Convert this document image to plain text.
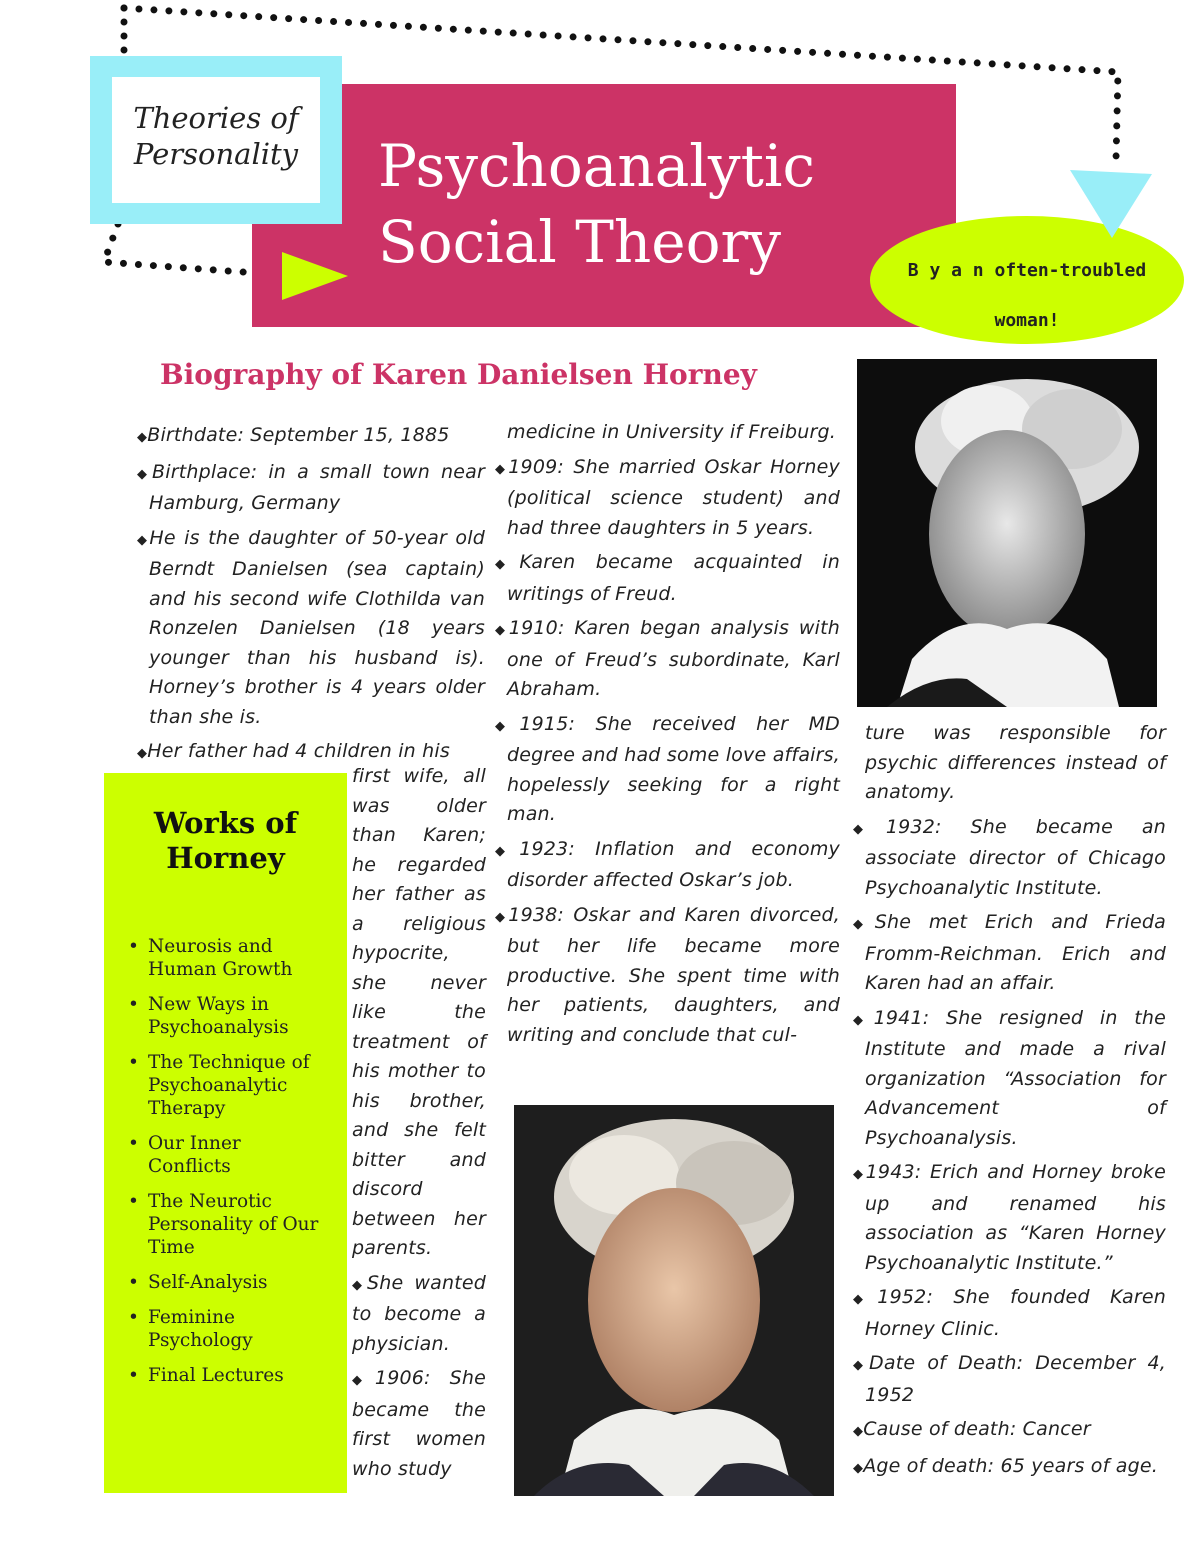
Psychoanalytic
Social Theory
Theories of
Personality
B y a n often-troubled
woman!
Biography of Karen Danielsen Horney

◆Birthdate: September 15, 1885

◆Birthplace: in a small town near Hamburg, Germany

◆He is the daughter of 50-year old Berndt Danielsen (sea captain) and his second wife Clothilda van Ronzelen Danielsen (18 years younger than his husband is). Horney’s brother is 4 years older than she is.

◆Her father had 4 children in his

Works of
Horney
• Neurosis and Human Growth
• New Ways in Psychoanalysis
• The Technique of Psychoanalytic Therapy
• Our Inner Conflicts
• The Neurotic Personality of Our Time
• Self-Analysis
• Feminine Psychology
• Final Lectures

first wife, all was older than Karen; he regarded her father as a religious hypocrite, she never like the treatment of his mother to his brother, and she felt bitter and discord between her parents.

◆She wanted to become a physician.

◆1906: She became the first women who study

medicine in University if Freiburg.

◆1909: She married Oskar Horney (political science student) and had three daughters in 5 years.

◆Karen became acquainted in writings of Freud.

◆1910: Karen began analysis with one of Freud’s subordinate, Karl Abraham.

◆1915: She received her MD degree and had some love affairs, hopelessly seeking for a right man.

◆1923: Inflation and economy disorder affected Oskar’s job.

◆1938: Oskar and Karen divorced, but her life became more productive. She spent time with her patients, daughters, and writing and conclude that cul-

ture was responsible for psychic differences instead of anatomy.

◆1932: She became an associate director of Chicago Psychoanalytic Institute.

◆She met Erich and Frieda Fromm-Reichman. Erich and Karen had an affair.

◆1941: She resigned in the Institute and made a rival organization “Association for Advancement of Psychoanalysis.

◆1943: Erich and Horney broke up and renamed his association as “Karen Horney Psychoanalytic Institute.”

◆1952: She founded Karen Horney Clinic.

◆Date of Death: December 4, 1952

◆Cause of death: Cancer

◆Age of death: 65 years of age.
